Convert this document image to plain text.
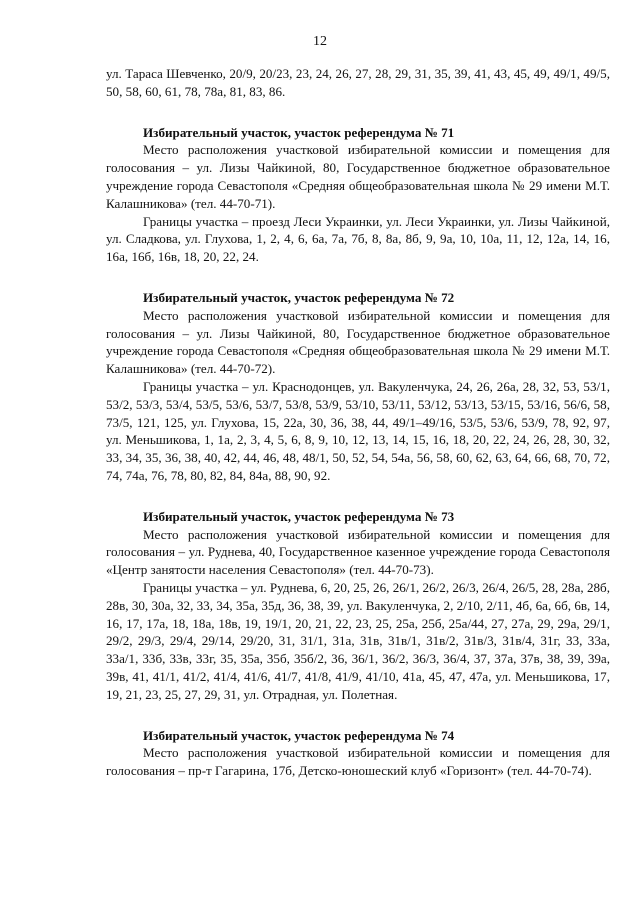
12

ул. Тараса Шевченко, 20/9, 20/23, 23, 24, 26, 27, 28, 29, 31, 35, 39, 41, 43, 45, 49, 49/1, 49/5, 50, 58, 60, 61, 78, 78а, 81, 83, 86.

Избирательный участок, участок референдума № 71

Место расположения участковой избирательной комиссии и помещения для голосования – ул. Лизы Чайкиной, 80, Государственное бюджетное образовательное учреждение города Севастополя «Средняя общеобразовательная школа № 29 имени М.Т. Калашникова» (тел. 44-70-71).

Границы участка – проезд Леси Украинки, ул. Леси Украинки, ул. Лизы Чайкиной, ул. Сладкова, ул. Глухова, 1, 2, 4, 6, 6а, 7а, 7б, 8, 8а, 8б, 9, 9а, 10, 10а, 11, 12, 12а, 14, 16, 16а, 16б, 16в, 18, 20, 22, 24.

Избирательный участок, участок референдума № 72

Место расположения участковой избирательной комиссии и помещения для голосования – ул. Лизы Чайкиной, 80, Государственное бюджетное образовательное учреждение города Севастополя «Средняя общеобразовательная школа № 29 имени М.Т. Калашникова» (тел. 44-70-72).

Границы участка – ул. Краснодонцев, ул. Вакуленчука, 24, 26, 26а, 28, 32, 53, 53/1, 53/2, 53/3, 53/4, 53/5, 53/6, 53/7, 53/8, 53/9, 53/10, 53/11, 53/12, 53/13, 53/15, 53/16, 56/6, 58, 73/5, 121, 125, ул. Глухова, 15, 22а, 30, 36, 38, 44, 49/1–49/16, 53/5, 53/6, 53/9, 78, 92, 97, ул. Меньшикова, 1, 1а, 2, 3, 4, 5, 6, 8, 9, 10, 12, 13, 14, 15, 16, 18, 20, 22, 24, 26, 28, 30, 32, 33, 34, 35, 36, 38, 40, 42, 44, 46, 48, 48/1, 50, 52, 54, 54а, 56, 58, 60, 62, 63, 64, 66, 68, 70, 72, 74, 74а, 76, 78, 80, 82, 84, 84а, 88, 90, 92.

Избирательный участок, участок референдума № 73

Место расположения участковой избирательной комиссии и помещения для голосования – ул. Руднева, 40, Государственное казенное учреждение города Севастополя «Центр занятости населения Севастополя» (тел. 44-70-73).

Границы участка – ул. Руднева, 6, 20, 25, 26, 26/1, 26/2, 26/3, 26/4, 26/5, 28, 28а, 28б, 28в, 30, 30а, 32, 33, 34, 35а, 35д, 36, 38, 39, ул. Вакуленчука, 2, 2/10, 2/11, 4б, 6а, 6б, 6в, 14, 16, 17, 17а, 18, 18а, 18в, 19, 19/1, 20, 21, 22, 23, 25, 25а, 25б, 25а/44, 27, 27а, 29, 29а, 29/1, 29/2, 29/3, 29/4, 29/14, 29/20, 31, 31/1, 31а, 31в, 31в/1, 31в/2, 31в/3, 31в/4, 31г, 33, 33а, 33а/1, 33б, 33в, 33г, 35, 35а, 35б, 35б/2, 36, 36/1, 36/2, 36/3, 36/4, 37, 37а, 37в, 38, 39, 39а, 39в, 41, 41/1, 41/2, 41/4, 41/6, 41/7, 41/8, 41/9, 41/10, 41а, 45, 47, 47а, ул. Меньшикова, 17, 19, 21, 23, 25, 27, 29, 31, ул. Отрадная, ул. Полетная.

Избирательный участок, участок референдума № 74

Место расположения участковой избирательной комиссии и помещения для голосования – пр-т Гагарина, 17б, Детско-юношеский клуб «Горизонт» (тел. 44-70-74).
